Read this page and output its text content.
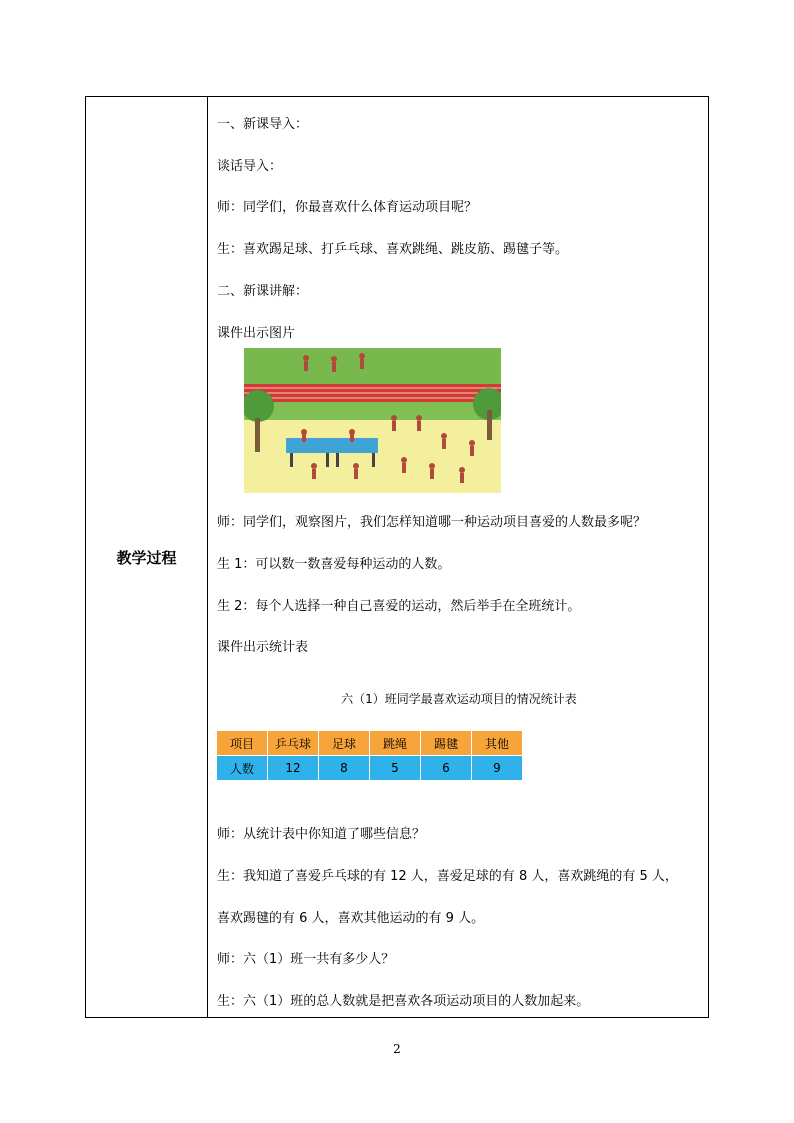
教学过程
一、新课导入：
谈话导入：
师：同学们，你最喜欢什么体育运动项目呢？
生：喜欢踢足球、打乒乓球、喜欢跳绳、跳皮筋、踢毽子等。
二、新课讲解：
课件出示图片
师：同学们，观察图片，我们怎样知道哪一种运动项目喜爱的人数最多呢？
生 1：可以数一数喜爱每种运动的人数。
生 2：每个人选择一种自己喜爱的运动，然后举手在全班统计。
课件出示统计表
师：从统计表中你知道了哪些信息？
生：我知道了喜爱乒乓球的有 12 人，喜爱足球的有 8 人，喜欢跳绳的有 5 人，
喜欢踢毽的有 6 人，喜欢其他运动的有 9 人。
师：六（1）班一共有多少人？
生：六（1）班的总人数就是把喜欢各项运动项目的人数加起来。
六（1）班同学最喜欢运动项目的情况统计表
项目	乒乓球	足球	跳绳	踢毽	其他
人数	12	8	5	6	9
2
